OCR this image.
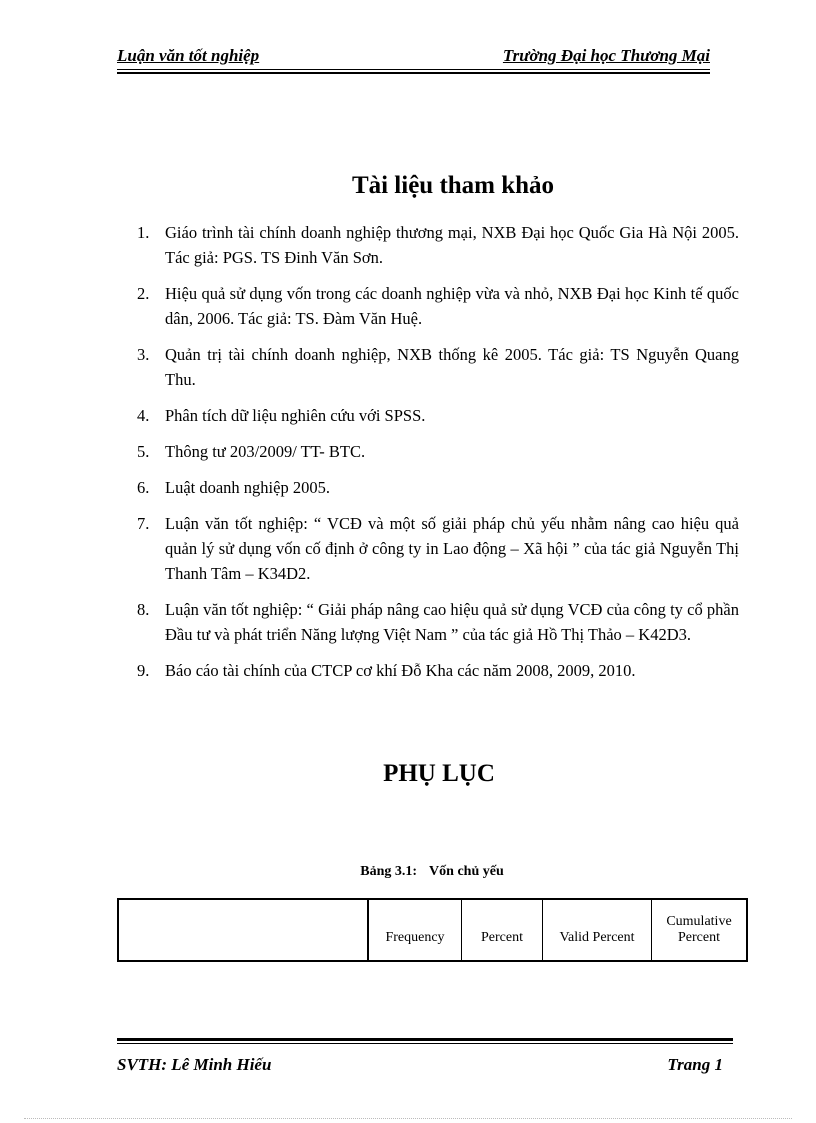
Luận văn tốt nghiệp	Trường Đại học Thương Mại
Tài liệu tham khảo
1. Giáo trình tài chính doanh nghiệp thương mại, NXB Đại học Quốc Gia Hà Nội 2005. Tác giả: PGS. TS Đinh Văn Sơn.
2. Hiệu quả sử dụng vốn trong các doanh nghiệp vừa và nhỏ, NXB Đại học Kinh tế quốc dân, 2006. Tác giả: TS. Đàm Văn Huệ.
3. Quản trị tài chính doanh nghiệp, NXB thống kê 2005. Tác giả: TS Nguyễn Quang Thu.
4. Phân tích dữ liệu nghiên cứu với SPSS.
5. Thông tư 203/2009/ TT- BTC.
6. Luật doanh nghiệp 2005.
7. Luận văn tốt nghiệp: “ VCĐ và một số giải pháp chủ yếu nhằm nâng cao hiệu quả quản lý sử dụng vốn cố định ở công ty in Lao động – Xã hội ” của tác giả Nguyễn Thị Thanh Tâm – K34D2.
8. Luận văn tốt nghiệp: “ Giải pháp nâng cao hiệu quả sử dụng VCĐ của công ty cổ phần Đầu tư và phát triển Năng lượng Việt Nam ” của tác giả Hồ Thị Thảo – K42D3.
9. Báo cáo tài chính của CTCP cơ khí Đỗ Kha các năm 2008, 2009, 2010.
PHỤ LỤC
Bảng 3.1: Vốn chủ yếu
	Frequency	Percent	Valid Percent	Cumulative Percent
SVTH: Lê Minh Hiếu	Trang 1
